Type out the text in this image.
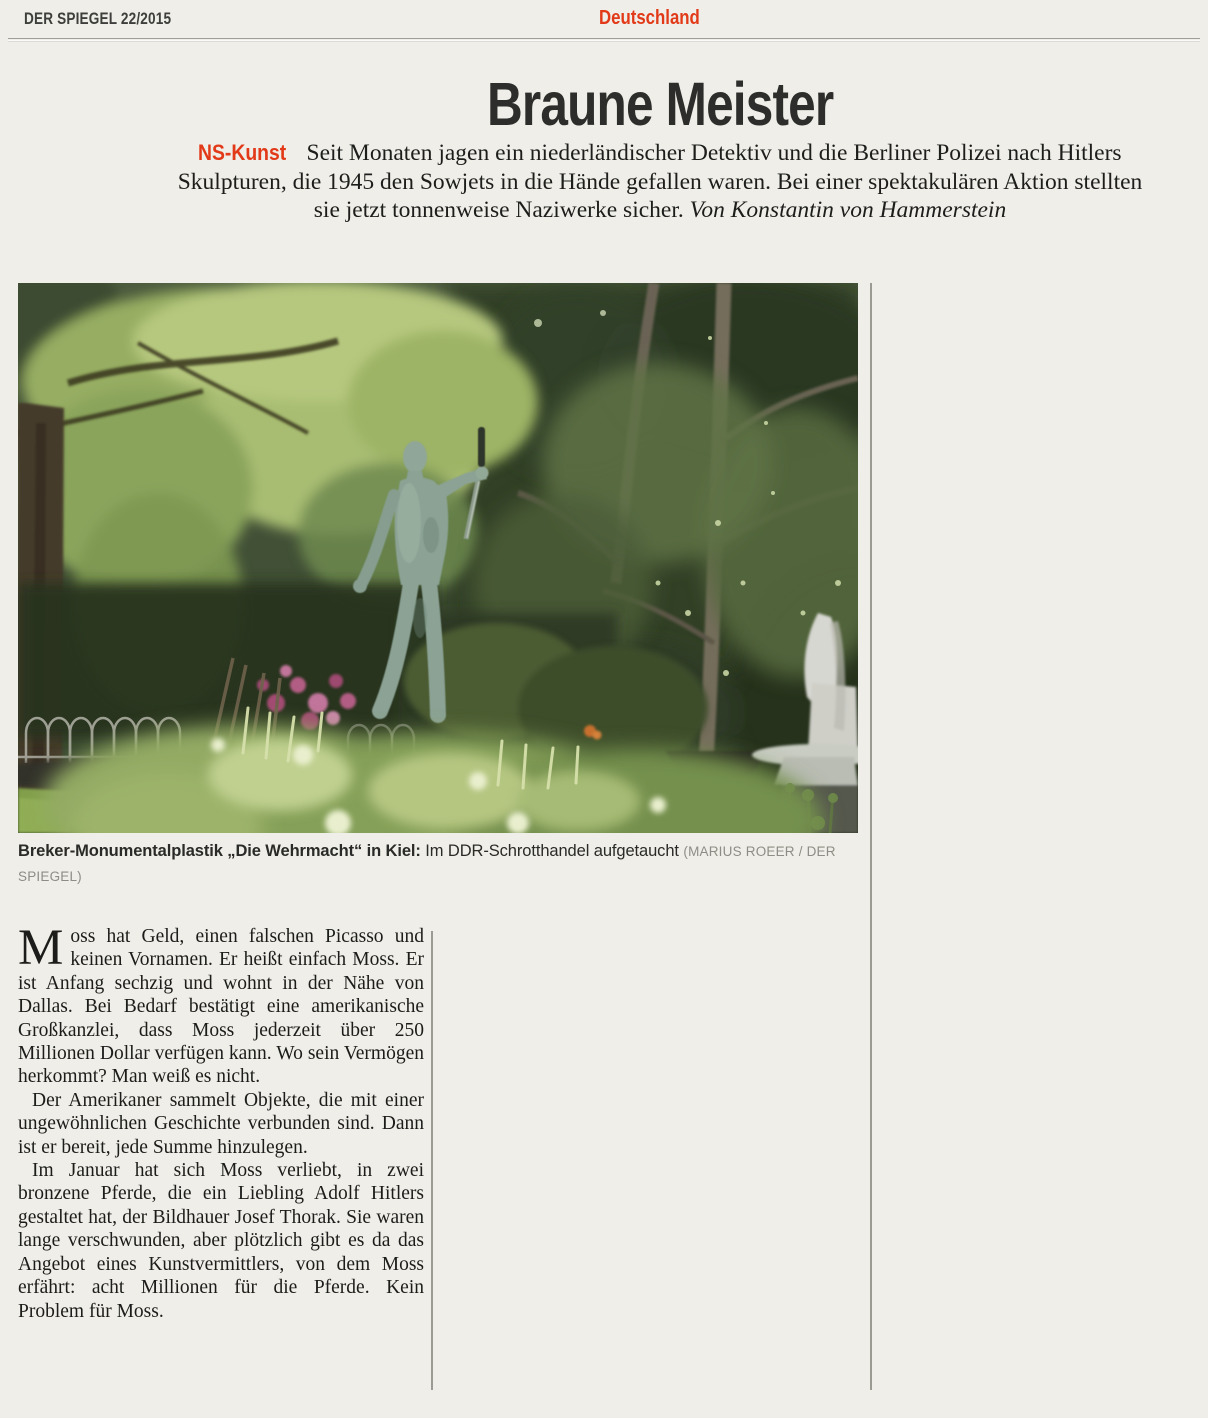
DER SPIEGEL 22/2015	Deutschland
Braune Meister

NS-Kunst Seit Monaten jagen ein niederländischer Detektiv und die Berliner Polizei nach Hitlers Skulpturen, die 1945 den Sowjets in die Hände gefallen waren. Bei einer spektakulären Aktion stellten sie jetzt tonnenweise Naziwerke sicher. Von Konstantin von Hammerstein

Breker-Monumentalplastik „Die Wehrmacht“ in Kiel: Im DDR-Schrotthandel aufgetaucht (MARIUS ROEER / DER SPIEGEL)

Moss hat Geld, einen falschen Picasso und keinen Vornamen. Er heißt einfach Moss. Er ist Anfang sechzig und wohnt in der Nähe von Dallas. Bei Bedarf bestätigt eine amerikanische Großkanzlei, dass Moss jederzeit über 250 Millionen Dollar verfügen kann. Wo sein Vermögen herkommt? Man weiß es nicht.

Der Amerikaner sammelt Objekte, die mit einer ungewöhnlichen Geschichte verbunden sind. Dann ist er bereit, jede Summe hinzulegen.

Im Januar hat sich Moss verliebt, in zwei bronzene Pferde, die ein Liebling Adolf Hitlers gestaltet hat, der Bildhauer Josef Thorak. Sie waren lange verschwunden, aber plötzlich gibt es da das Angebot eines Kunstvermittlers, von dem Moss erfährt: acht Millionen für die Pferde. Kein Problem für Moss.
